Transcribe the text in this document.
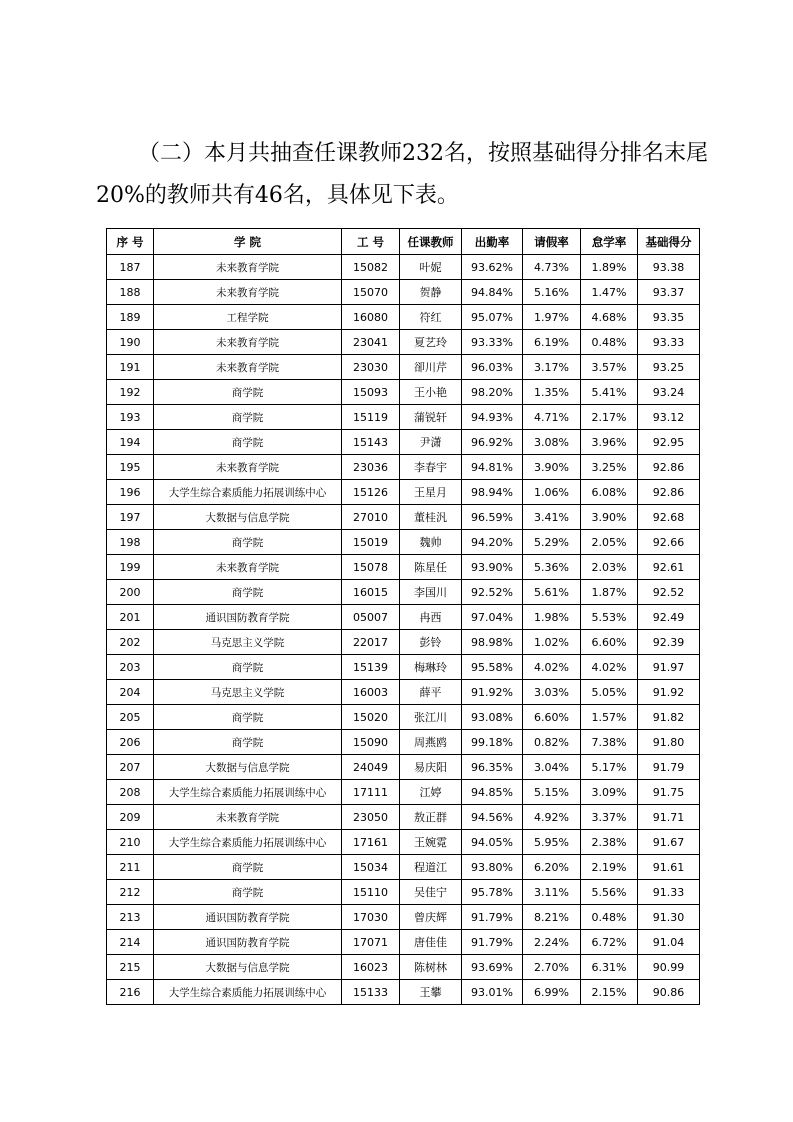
（二）本月共抽查任课教师232名，按照基础得分排名末尾
20%的教师共有46名，具体见下表。

序 号	学 院	工 号	任课教师	出勤率	请假率	怠学率	基础得分
187	未来教育学院	15082	叶妮	93.62%	4.73%	1.89%	93.38
188	未来教育学院	15070	贺静	94.84%	5.16%	1.47%	93.37
189	工程学院	16080	符红	95.07%	1.97%	4.68%	93.35
190	未来教育学院	23041	夏艺玲	93.33%	6.19%	0.48%	93.33
191	未来教育学院	23030	卻川芹	96.03%	3.17%	3.57%	93.25
192	商学院	15093	王小艳	98.20%	1.35%	5.41%	93.24
193	商学院	15119	蒲锐轩	94.93%	4.71%	2.17%	93.12
194	商学院	15143	尹潇	96.92%	3.08%	3.96%	92.95
195	未来教育学院	23036	李春宇	94.81%	3.90%	3.25%	92.86
196	大学生综合素质能力拓展训练中心	15126	王星月	98.94%	1.06%	6.08%	92.86
197	大数据与信息学院	27010	董桂汎	96.59%	3.41%	3.90%	92.68
198	商学院	15019	魏帅	94.20%	5.29%	2.05%	92.66
199	未来教育学院	15078	陈星任	93.90%	5.36%	2.03%	92.61
200	商学院	16015	李国川	92.52%	5.61%	1.87%	92.52
201	通识国防教育学院	05007	冉西	97.04%	1.98%	5.53%	92.49
202	马克思主义学院	22017	彭铃	98.98%	1.02%	6.60%	92.39
203	商学院	15139	梅琳玲	95.58%	4.02%	4.02%	91.97
204	马克思主义学院	16003	薛平	91.92%	3.03%	5.05%	91.92
205	商学院	15020	张江川	93.08%	6.60%	1.57%	91.82
206	商学院	15090	周燕鸥	99.18%	0.82%	7.38%	91.80
207	大数据与信息学院	24049	易庆阳	96.35%	3.04%	5.17%	91.79
208	大学生综合素质能力拓展训练中心	17111	江婷	94.85%	5.15%	3.09%	91.75
209	未来教育学院	23050	敖正群	94.56%	4.92%	3.37%	91.71
210	大学生综合素质能力拓展训练中心	17161	王婉霓	94.05%	5.95%	2.38%	91.67
211	商学院	15034	程道江	93.80%	6.20%	2.19%	91.61
212	商学院	15110	吴佳宁	95.78%	3.11%	5.56%	91.33
213	通识国防教育学院	17030	曾庆辉	91.79%	8.21%	0.48%	91.30
214	通识国防教育学院	17071	唐佳佳	91.79%	2.24%	6.72%	91.04
215	大数据与信息学院	16023	陈树林	93.69%	2.70%	6.31%	90.99
216	大学生综合素质能力拓展训练中心	15133	王攀	93.01%	6.99%	2.15%	90.86
